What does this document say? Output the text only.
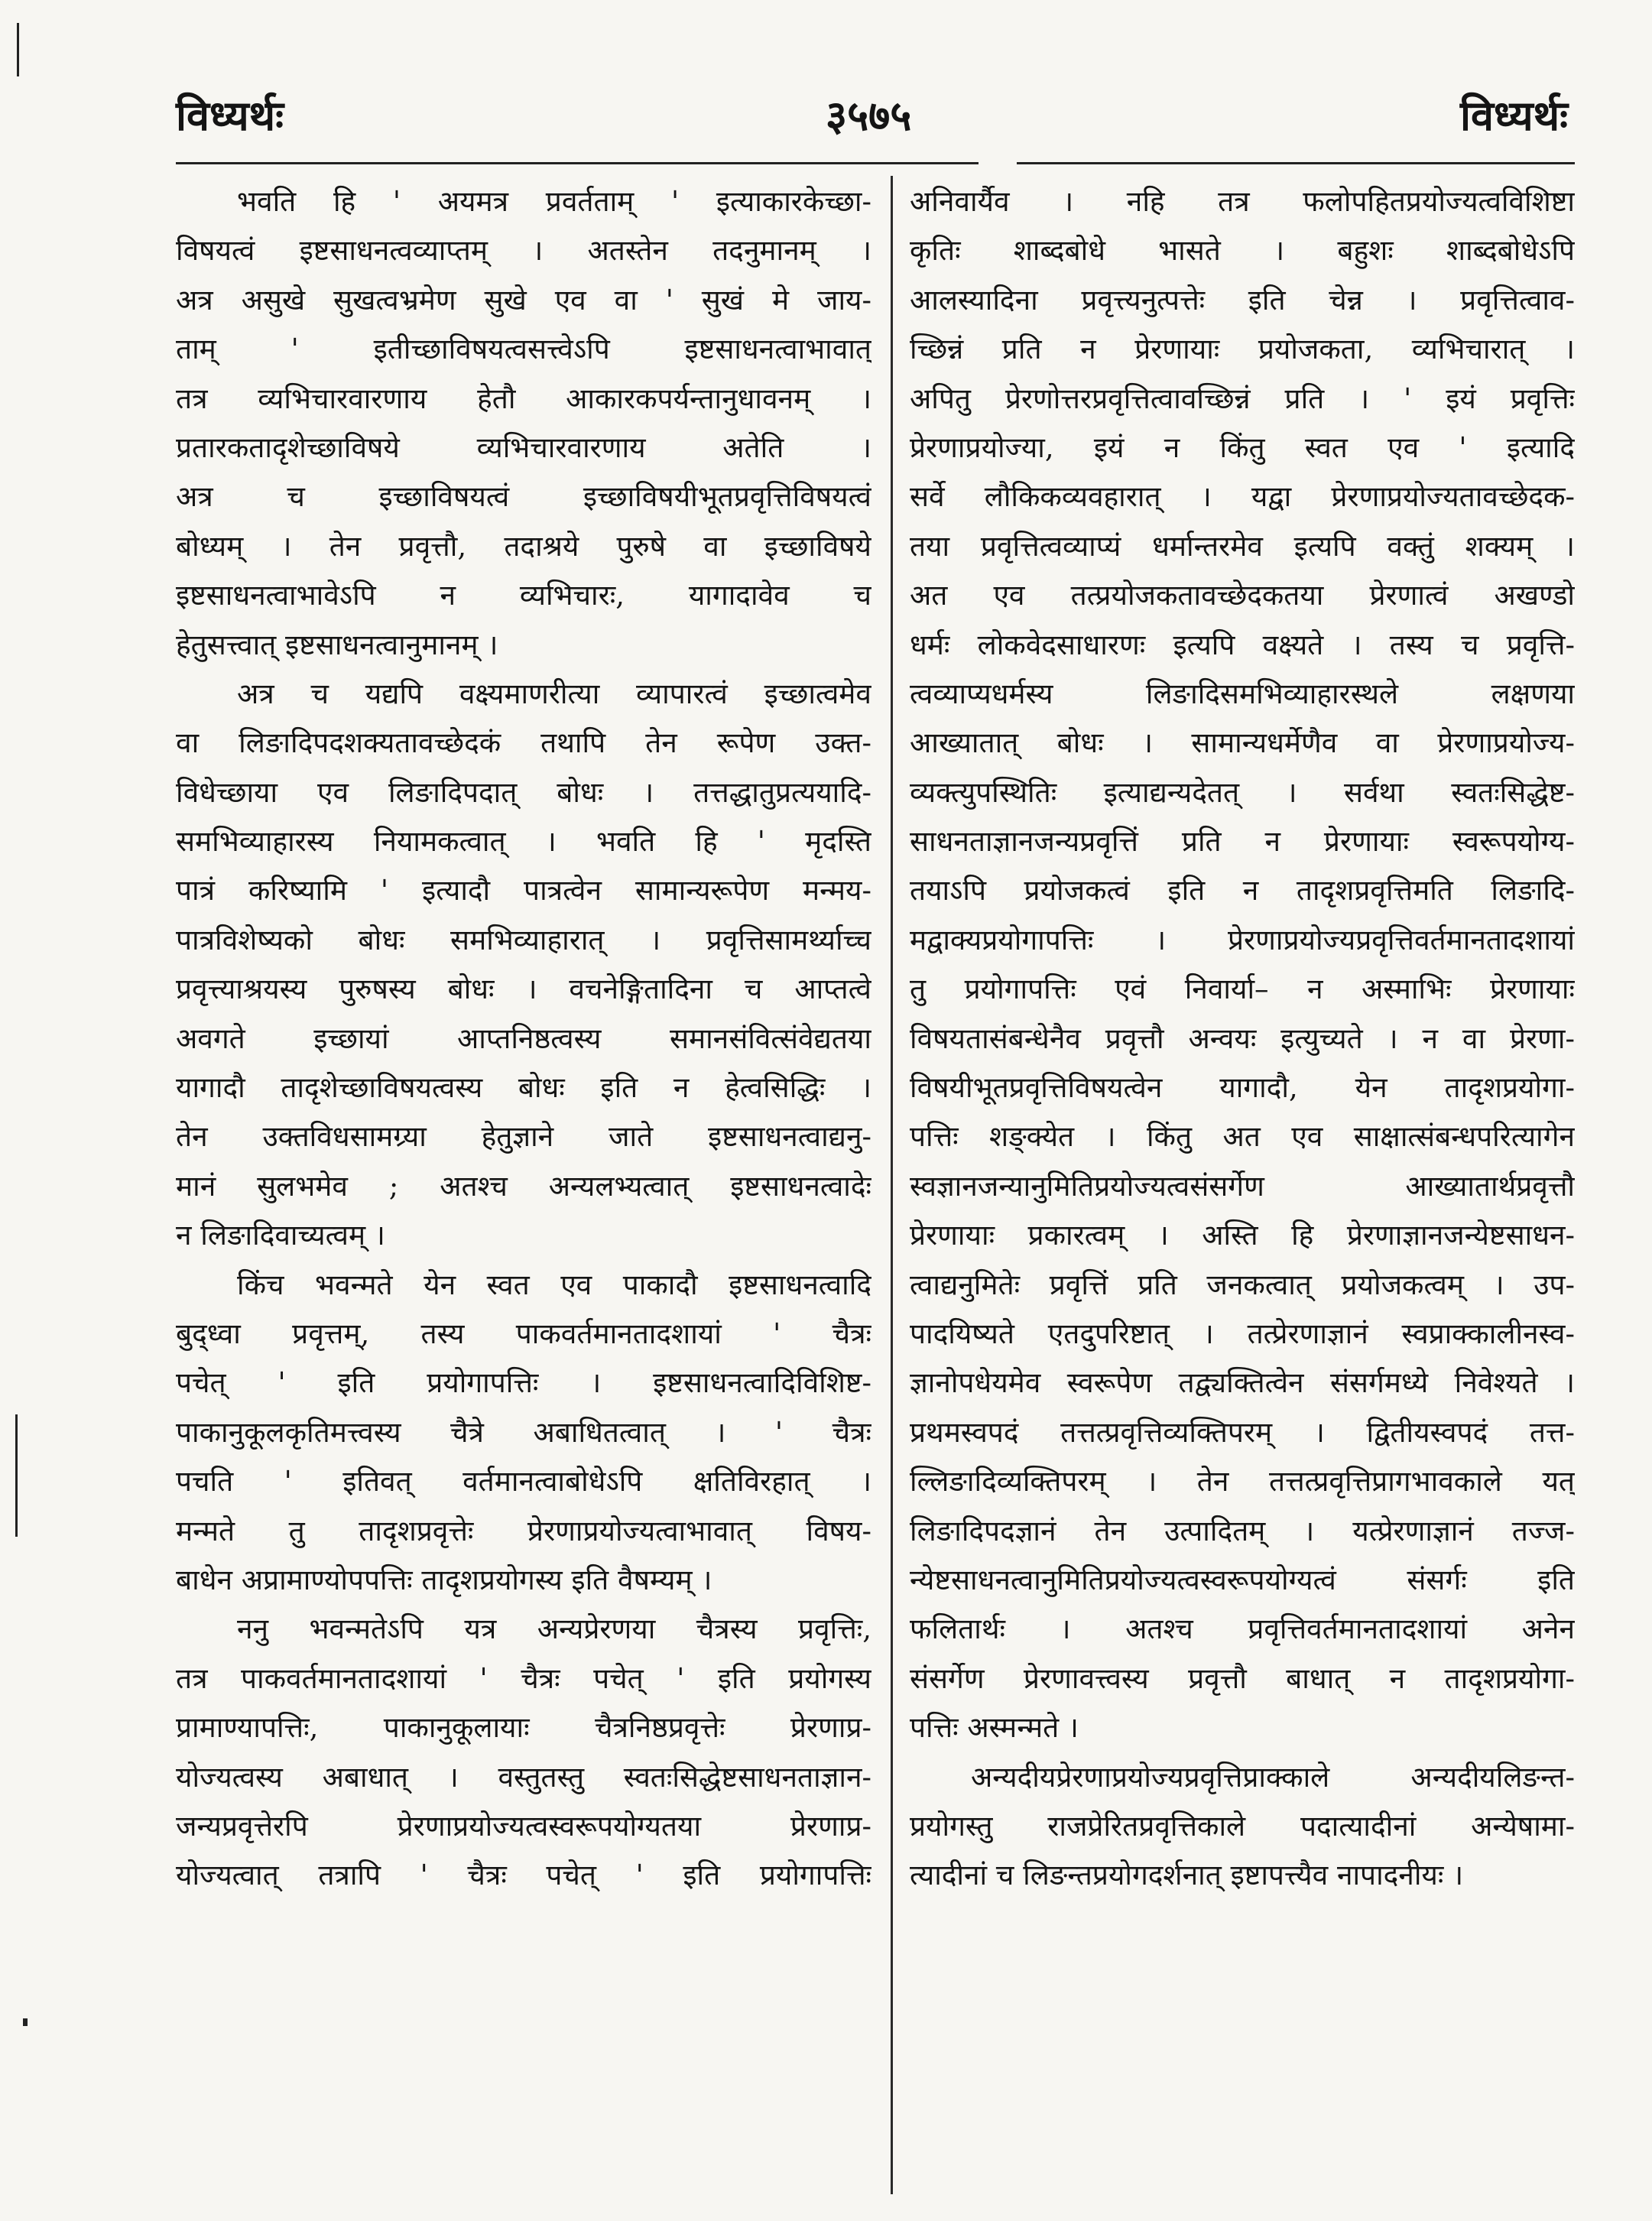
विध्यर्थः	३५७५	विध्यर्थः
भवति हि ' अयमत्र प्रवर्तताम् ' इत्याकारकेच्छा-
विषयत्वं इष्टसाधनत्वव्याप्तम् । अतस्तेन तदनुमानम् ।
अत्र असुखे सुखत्वभ्रमेण सुखे एव वा ' सुखं मे जाय-
ताम् ' इतीच्छाविषयत्वसत्त्वेऽपि इष्टसाधनत्वाभावात्
तत्र व्यभिचारवारणाय हेतौ आकारकपर्यन्तानुधावनम् ।
प्रतारकतादृशेच्छाविषये व्यभिचारवारणाय अतेति ।
अत्र च इच्छाविषयत्वं इच्छाविषयीभूतप्रवृत्तिविषयत्वं
बोध्यम् । तेन प्रवृत्तौ, तदाश्रये पुरुषे वा इच्छाविषये
इष्टसाधनत्वाभावेऽपि न व्यभिचारः, यागादावेव च
हेतुसत्त्वात् इष्टसाधनत्वानुमानम् ।
अत्र च यद्यपि वक्ष्यमाणरीत्या व्यापारत्वं इच्छात्वमेव
वा लिङादिपदशक्यतावच्छेदकं तथापि तेन रूपेण उक्त-
विधेच्छाया एव लिङादिपदात् बोधः । तत्तद्धातुप्रत्ययादि-
समभिव्याहारस्य नियामकत्वात् । भवति हि ' मृदस्ति
पात्रं करिष्यामि ' इत्यादौ पात्रत्वेन सामान्यरूपेण मन्मय-
पात्रविशेष्यको बोधः समभिव्याहारात् । प्रवृत्तिसामर्थ्याच्च
प्रवृत्त्याश्रयस्य पुरुषस्य बोधः । वचनेङ्गितादिना च आप्तत्वे
अवगते इच्छायां आप्तनिष्ठत्वस्य समानसंवित्संवेद्यतया
यागादौ तादृशेच्छाविषयत्वस्य बोधः इति न हेत्वसिद्धिः ।
तेन उक्तविधसामग्र्या हेतुज्ञाने जाते इष्टसाधनत्वाद्यनु-
मानं सुलभमेव ; अतश्च अन्यलभ्यत्वात् इष्टसाधनत्वादेः
न लिङादिवाच्यत्वम् ।
किंच भवन्मते येन स्वत एव पाकादौ इष्टसाधनत्वादि
बुद्ध्वा प्रवृत्तम्, तस्य पाकवर्तमानतादशायां ' चैत्रः
पचेत् ' इति प्रयोगापत्तिः । इष्टसाधनत्वादिविशिष्ट-
पाकानुकूलकृतिमत्त्वस्य चैत्रे अबाधितत्वात् । ' चैत्रः
पचति ' इतिवत् वर्तमानत्वाबोधेऽपि क्षतिविरहात् ।
मन्मते तु तादृशप्रवृत्तेः प्रेरणाप्रयोज्यत्वाभावात् विषय-
बाधेन अप्रामाण्योपपत्तिः तादृशप्रयोगस्य इति वैषम्यम् ।
ननु भवन्मतेऽपि यत्र अन्यप्रेरणया चैत्रस्य प्रवृत्तिः,
तत्र पाकवर्तमानतादशायां ' चैत्रः पचेत् ' इति प्रयोगस्य
प्रामाण्यापत्तिः, पाकानुकूलायाः चैत्रनिष्ठप्रवृत्तेः प्रेरणाप्र-
योज्यत्वस्य अबाधात् । वस्तुतस्तु स्वतःसिद्धेष्टसाधनताज्ञान-
जन्यप्रवृत्तेरपि प्रेरणाप्रयोज्यत्वस्वरूपयोग्यतया प्रेरणाप्र-
योज्यत्वात् तत्रापि ' चैत्रः पचेत् ' इति प्रयोगापत्तिः
अनिवार्यैव । नहि तत्र फलोपहितप्रयोज्यत्वविशिष्टा
कृतिः शाब्दबोधे भासते । बहुशः शाब्दबोधेऽपि
आलस्यादिना प्रवृत्त्यनुत्पत्तेः इति चेन्न । प्रवृत्तित्वाव-
च्छिन्नं प्रति न प्रेरणायाः प्रयोजकता, व्यभिचारात् ।
अपितु प्रेरणोत्तरप्रवृत्तित्वावच्छिन्नं प्रति । ' इयं प्रवृत्तिः
प्रेरणाप्रयोज्या, इयं न किंतु स्वत एव ' इत्यादि
सर्वे लौकिकव्यवहारात् । यद्वा प्रेरणाप्रयोज्यतावच्छेदक-
तया प्रवृत्तित्वव्याप्यं धर्मान्तरमेव इत्यपि वक्तुं शक्यम् ।
अत एव तत्प्रयोजकतावच्छेदकतया प्रेरणात्वं अखण्डो
धर्मः लोकवेदसाधारणः इत्यपि वक्ष्यते । तस्य च प्रवृत्ति-
त्वव्याप्यधर्मस्य लिङादिसमभिव्याहारस्थले लक्षणया
आख्यातात् बोधः । सामान्यधर्मेणैव वा प्रेरणाप्रयोज्य-
व्यक्त्युपस्थितिः इत्याद्यन्यदेतत् । सर्वथा स्वतःसिद्धेष्ट-
साधनताज्ञानजन्यप्रवृत्तिं प्रति न प्रेरणायाः स्वरूपयोग्य-
तयाऽपि प्रयोजकत्वं इति न तादृशप्रवृत्तिमति लिङादि-
मद्वाक्यप्रयोगापत्तिः । प्रेरणाप्रयोज्यप्रवृत्तिवर्तमानतादशायां
तु प्रयोगापत्तिः एवं निवार्या– न अस्माभिः प्रेरणायाः
विषयतासंबन्धेनैव प्रवृत्तौ अन्वयः इत्युच्यते । न वा प्रेरणा-
विषयीभूतप्रवृत्तिविषयत्वेन यागादौ, येन तादृशप्रयोगा-
पत्तिः शङ्क्येत । किंतु अत एव साक्षात्संबन्धपरित्यागेन
स्वज्ञानजन्यानुमितिप्रयोज्यत्वसंसर्गेण आख्यातार्थप्रवृत्तौ
प्रेरणायाः प्रकारत्वम् । अस्ति हि प्रेरणाज्ञानजन्येष्टसाधन-
त्वाद्यनुमितेः प्रवृत्तिं प्रति जनकत्वात् प्रयोजकत्वम् । उप-
पादयिष्यते एतदुपरिष्टात् । तत्प्रेरणाज्ञानं स्वप्राक्कालीनस्व-
ज्ञानोपधेयमेव स्वरूपेण तद्व्यक्तित्वेन संसर्गमध्ये निवेश्यते ।
प्रथमस्वपदं तत्तत्प्रवृत्तिव्यक्तिपरम् । द्वितीयस्वपदं तत्त-
ल्लिङादिव्यक्तिपरम् । तेन तत्तत्प्रवृत्तिप्रागभावकाले यत्
लिङादिपदज्ञानं तेन उत्पादितम् । यत्प्रेरणाज्ञानं तज्ज-
न्येष्टसाधनत्वानुमितिप्रयोज्यत्वस्वरूपयोग्यत्वं संसर्गः इति
फलितार्थः । अतश्च प्रवृत्तिवर्तमानतादशायां अनेन
संसर्गेण प्रेरणावत्त्वस्य प्रवृत्तौ बाधात् न तादृशप्रयोगा-
पत्तिः अस्मन्मते ।
अन्यदीयप्रेरणाप्रयोज्यप्रवृत्तिप्राक्काले अन्यदीयलिङन्त-
प्रयोगस्तु राजप्रेरितप्रवृत्तिकाले पदात्यादीनां अन्येषामा-
त्यादीनां च लिङन्तप्रयोगदर्शनात् इष्टापत्त्यैव नापादनीयः ।
